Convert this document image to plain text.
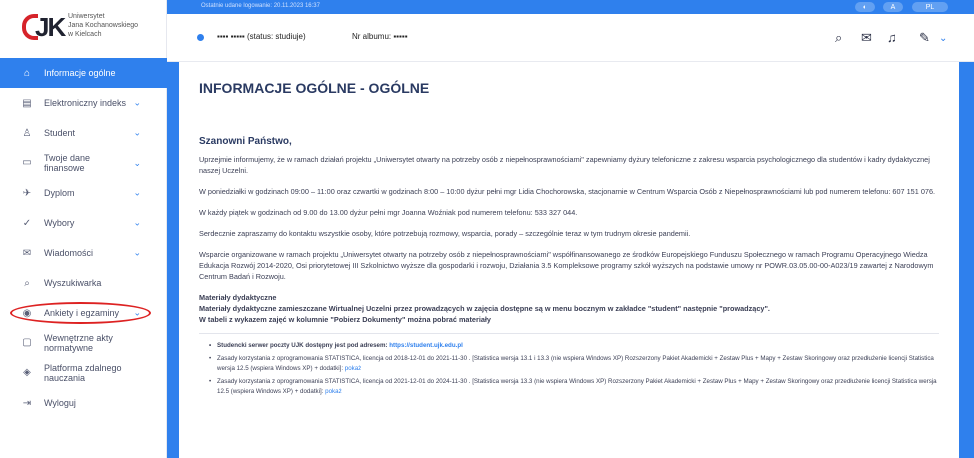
JK Uniwersytet
Jana Kochanowskiego
w Kielcach
⌂	Informacje ogólne
▤ Elektroniczny indeks ⌄
♙ Student	⌄
▭ Twoje dane finansowe	⌄
✈	Dyplom	⌄
✓	Wybory	⌄
✉	Wiadomości	⌄
⌕	Wyszukiwarka
◉ Ankiety i egzaminy ⌄
▢ Wewnętrzne akty normatywne
◈	Platforma zdalnego nauczania
⇥	Wyloguj
Ostatnie udane logowanie: 20.11.2023 16:37	◐	A	PL
▪▪▪▪ ▪▪▪▪▪ (status: studiuje)	Nr albumu: ▪▪▪▪▪	⌕ ✉ ♫ ✎ ⌄
INFORMACJE OGÓLNE - OGÓLNE
Szanowni Państwo,
Uprzejmie informujemy, że w ramach działań projektu „Uniwersytet otwarty na potrzeby osób z niepełnosprawnościami" zapewniamy dyżury telefoniczne z zakresu wsparcia psychologicznego dla studentów i kadry dydaktycznej naszej Uczelni.
W poniedziałki w godzinach 09:00 – 11:00 oraz czwartki w godzinach 8:00 – 10:00 dyżur pełni mgr Lidia Chochorowska, stacjonarnie w Centrum Wsparcia Osób z Niepełnosprawnościami lub pod numerem telefonu: 607 151 076.
W każdy piątek w godzinach od 9.00 do 13.00 dyżur pełni mgr Joanna Woźniak pod numerem telefonu: 533 327 044.
Serdecznie zapraszamy do kontaktu wszystkie osoby, które potrzebują rozmowy, wsparcia, porady – szczególnie teraz w tym trudnym okresie pandemii.
Wsparcie organizowane w ramach projektu „Uniwersytet otwarty na potrzeby osób z niepełnosprawnościami" współfinansowanego ze środków Europejskiego Funduszu Społecznego w ramach Programu Operacyjnego Wiedza Edukacja Rozwój 2014-2020, Osi priorytetowej III Szkolnictwo wyższe dla gospodarki i rozwoju, Działania 3.5 Kompleksowe programy szkół wyższych na podstawie umowy nr POWR.03.05.00-00-A023/19 zawartej z Narodowym Centrum Badań i Rozwoju.
Materiały dydaktyczne
Materiały dydaktyczne zamieszczane Wirtualnej Uczelni przez prowadzących w zajęcia dostępne są w menu bocznym w zakładce "student" następnie "prowadzący".
W tabeli z wykazem zajęć w kolumnie "Pobierz Dokumenty" można pobrać materiały
• Studencki serwer poczty UJK dostępny jest pod adresem: https://student.ujk.edu.pl
• Zasady korzystania z oprogramowania STATISTICA, licencja od 2018-12-01 do 2021-11-30 . [Statistica wersja 13.1 i 13.3 (nie wspiera Windows XP) Rozszerzony Pakiet Akademicki + Zestaw Plus + Mapy + Zestaw Skoringowy oraz przedłużenie licencji Statistica wersja 12.5 (wspiera Windows XP) + dodatki]: pokaż
• Zasady korzystania z oprogramowania STATISTICA, licencja od 2021-12-01 do 2024-11-30 . [Statistica wersja 13.3 (nie wspiera Windows XP) Rozszerzony Pakiet Akademicki + Zestaw Plus + Mapy + Zestaw Skoringowy oraz przedłużenie licencji Statistica wersja 12.5 (wspiera Windows XP) + dodatki]: pokaż
